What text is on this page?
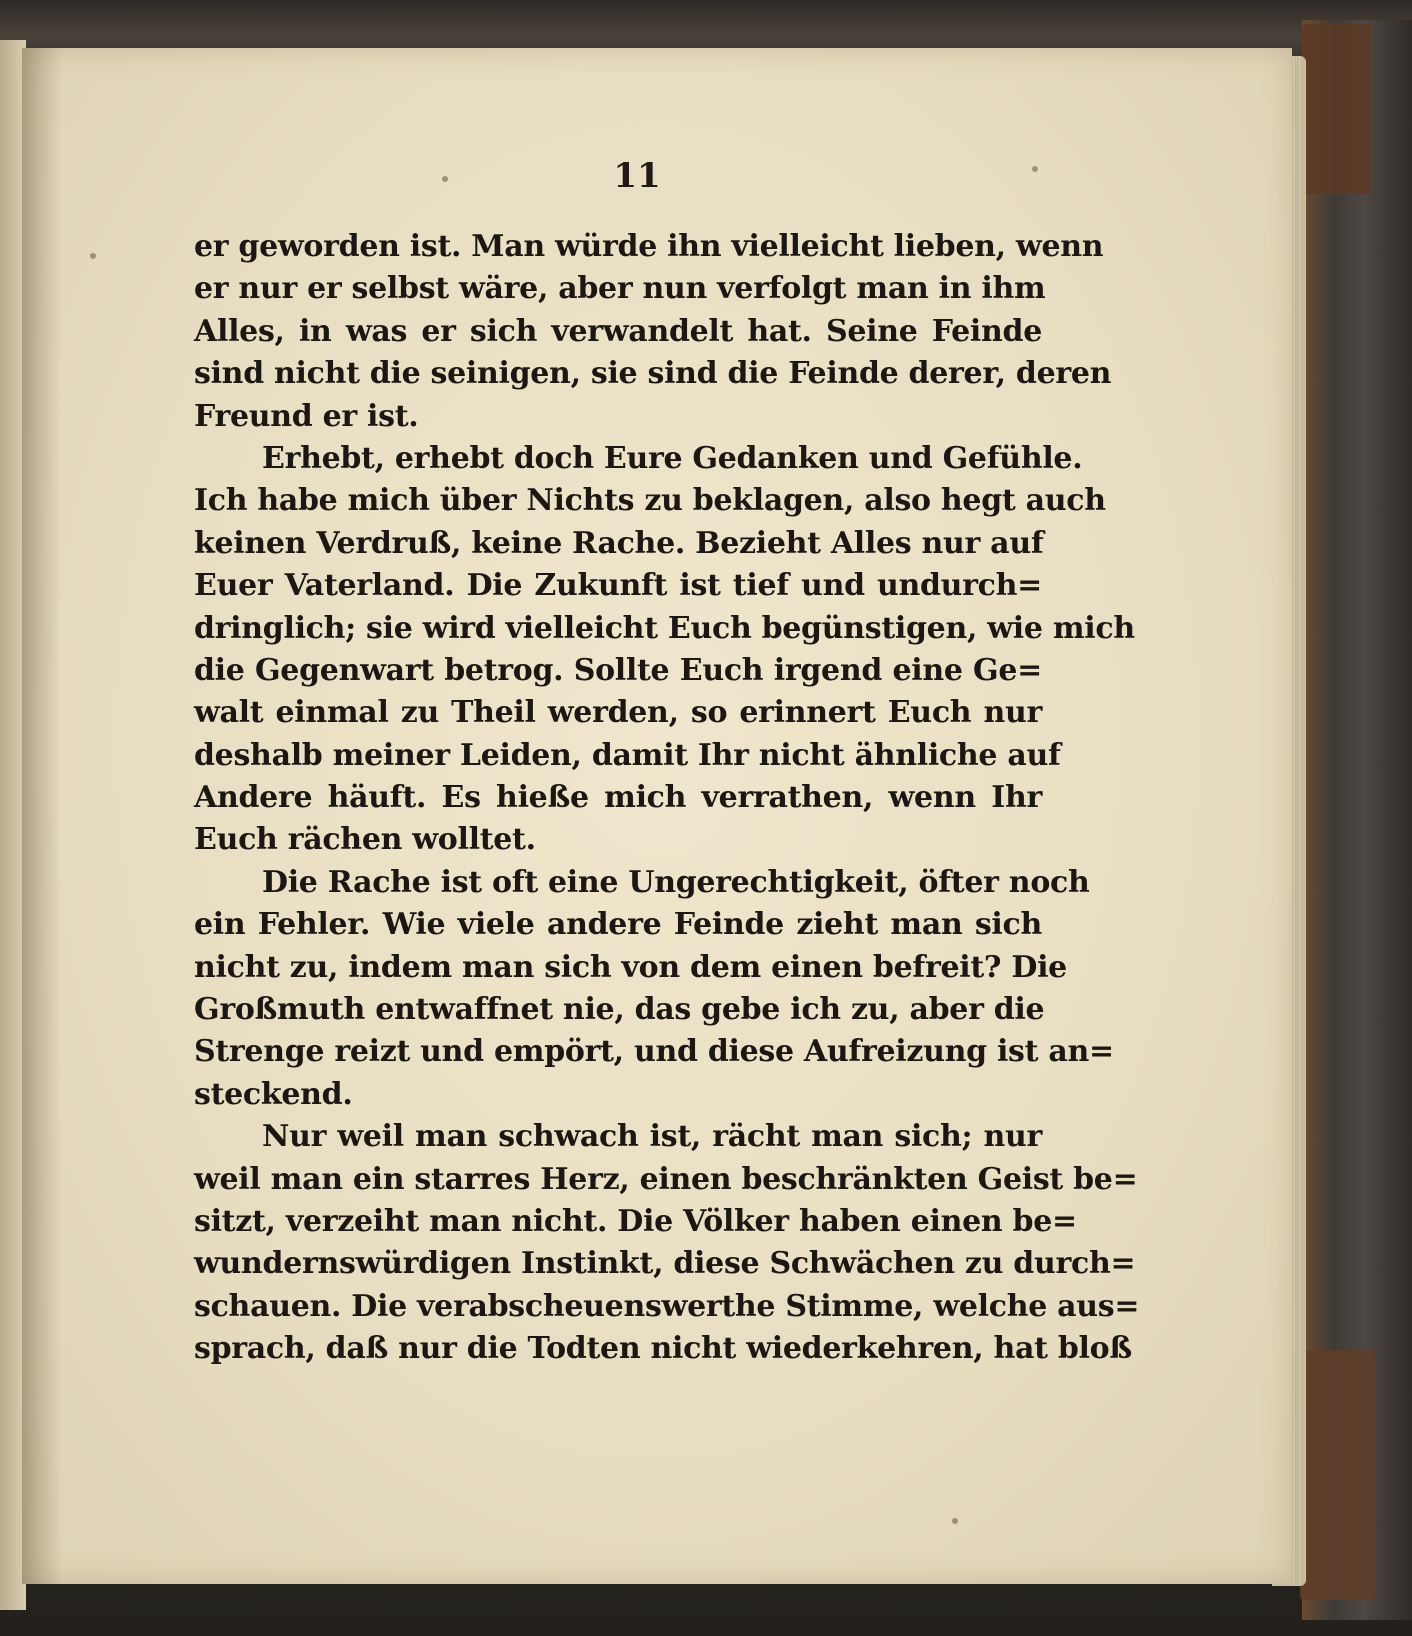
11
er geworden ist. Man würde ihn vielleicht lieben, wenn
er nur er selbst wäre, aber nun verfolgt man in ihm
Alles, in was er sich verwandelt hat. Seine Feinde
sind nicht die seinigen, sie sind die Feinde derer, deren
Freund er ist.
Erhebt, erhebt doch Eure Gedanken und Gefühle.
Ich habe mich über Nichts zu beklagen, also hegt auch
keinen Verdruß, keine Rache. Bezieht Alles nur auf
Euer Vaterland. Die Zukunft ist tief und undurch=
dringlich; sie wird vielleicht Euch begünstigen, wie mich
die Gegenwart betrog. Sollte Euch irgend eine Ge=
walt einmal zu Theil werden, so erinnert Euch nur
deshalb meiner Leiden, damit Ihr nicht ähnliche auf
Andere häuft. Es hieße mich verrathen, wenn Ihr
Euch rächen wolltet.
Die Rache ist oft eine Ungerechtigkeit, öfter noch
ein Fehler. Wie viele andere Feinde zieht man sich
nicht zu, indem man sich von dem einen befreit? Die
Großmuth entwaffnet nie, das gebe ich zu, aber die
Strenge reizt und empört, und diese Aufreizung ist an=
steckend.
Nur weil man schwach ist, rächt man sich; nur
weil man ein starres Herz, einen beschränkten Geist be=
sitzt, verzeiht man nicht. Die Völker haben einen be=
wundernswürdigen Instinkt, diese Schwächen zu durch=
schauen. Die verabscheuenswerthe Stimme, welche aus=
sprach, daß nur die Todten nicht wiederkehren, hat bloß
